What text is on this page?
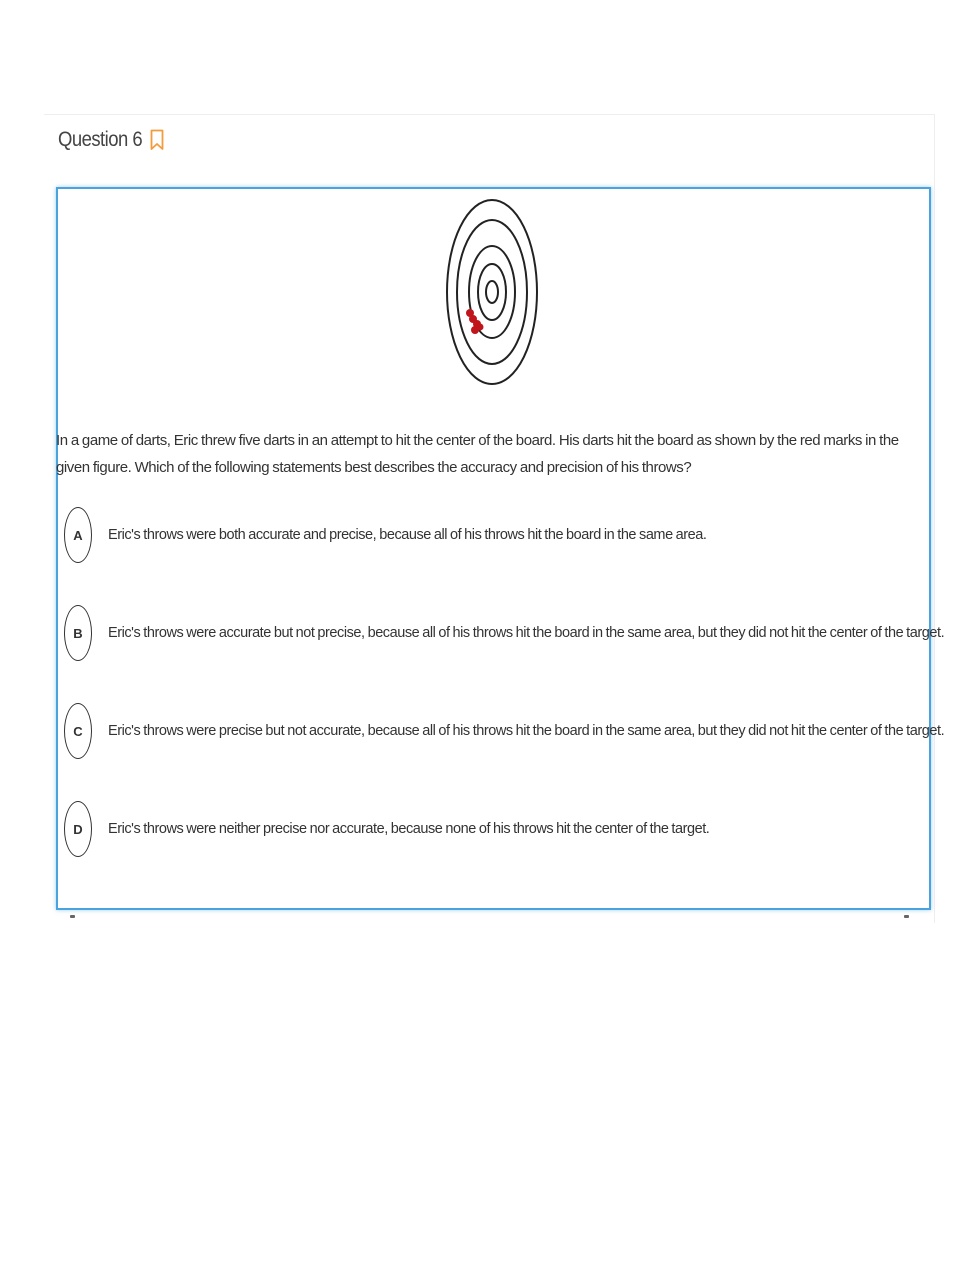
Question 6
In a game of darts, Eric threw five darts in an attempt to hit the center of the board. His darts hit the board as shown by the red marks in the given figure. Which of the following statements best describes the accuracy and precision of his throws?
A	Eric's throws were both accurate and precise, because all of his throws hit the board in the same area.
B	Eric's throws were accurate but not precise, because all of his throws hit the board in the same area, but they did not hit the center of the target.
C	Eric's throws were precise but not accurate, because all of his throws hit the board in the same area, but they did not hit the center of the target.
D	Eric's throws were neither precise nor accurate, because none of his throws hit the center of the target.
